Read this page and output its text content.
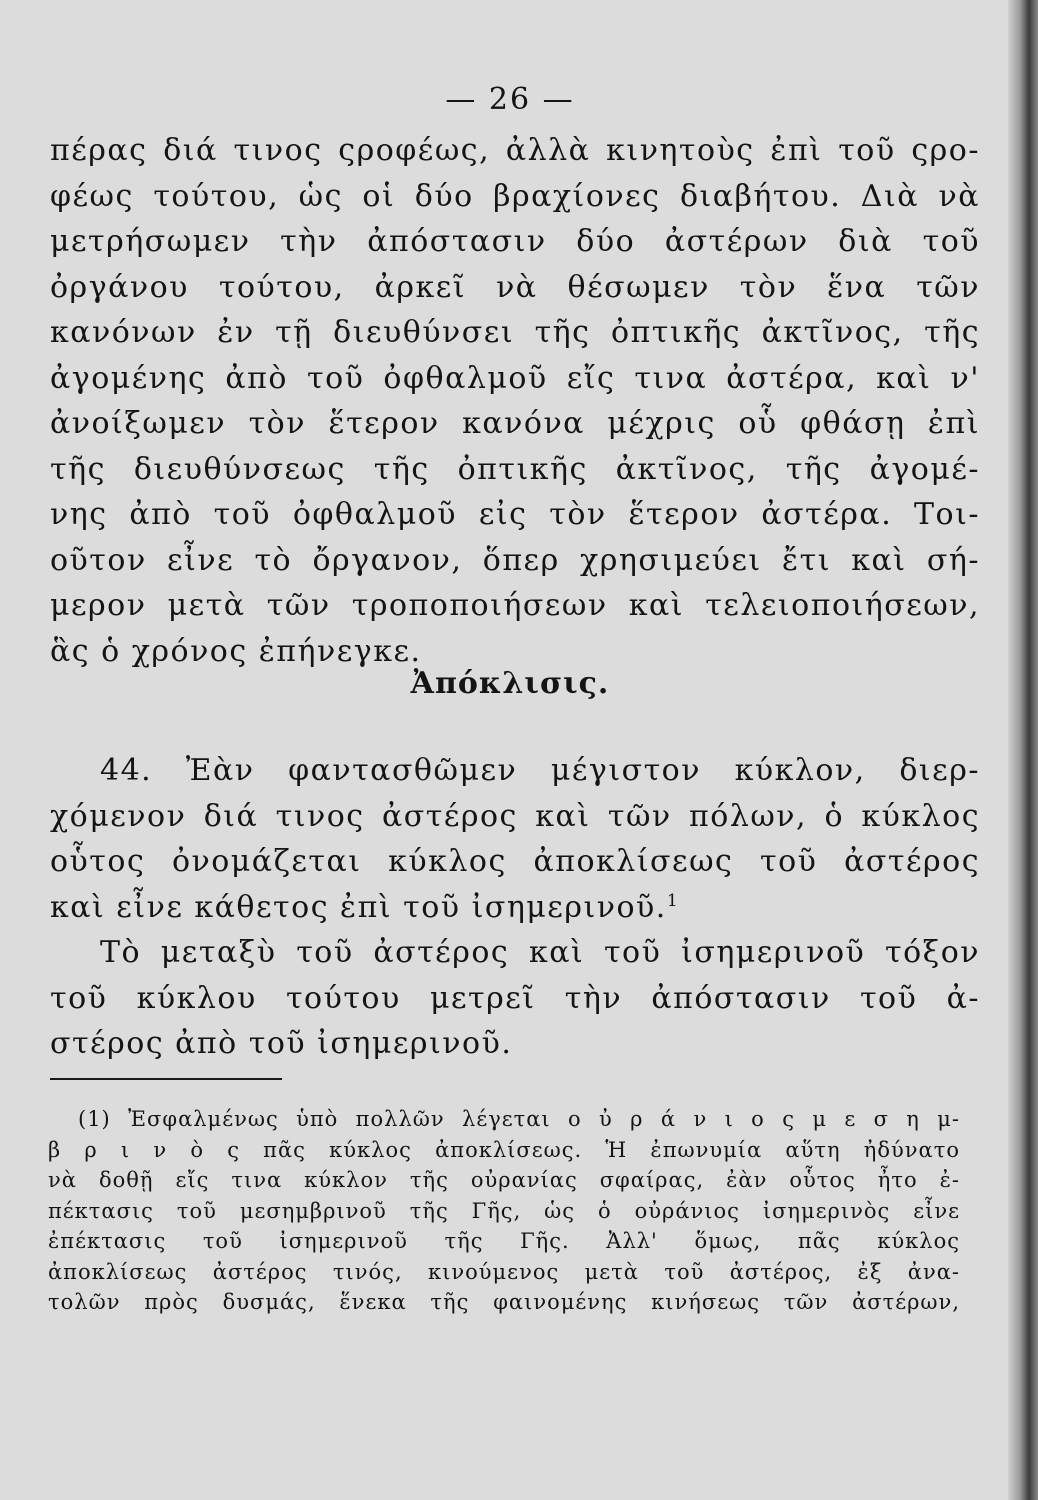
— 26 —
πέρας διά τινος ςροφέως, ἀλλὰ κινητοὺς ἐπὶ τοῦ ςρο-
φέως τούτου, ὡς οἱ δύο βραχίονες διαβήτου. Διὰ νὰ
μετρήσωμεν τὴν ἀπόστασιν δύο ἀστέρων διὰ τοῦ
ὀργάνου τούτου, ἀρκεῖ νὰ θέσωμεν τὸν ἕνα τῶν
κανόνων ἐν τῇ διευθύνσει τῆς ὀπτικῆς ἀκτῖνος, τῆς
ἀγομένης ἀπὸ τοῦ ὀφθαλμοῦ εἴς τινα ἀστέρα, καὶ ν'
ἀνοίξωμεν τὸν ἕτερον κανόνα μέχρις οὗ φθάσῃ ἐπὶ
τῆς διευθύνσεως τῆς ὀπτικῆς ἀκτῖνος, τῆς ἀγομέ-
νης ἀπὸ τοῦ ὀφθαλμοῦ εἰς τὸν ἕτερον ἀστέρα. Τοι-
οῦτον εἶνε τὸ ὄργανον, ὅπερ χρησιμεύει ἔτι καὶ σή-
μερον μετὰ τῶν τροποποιήσεων καὶ τελειοποιήσεων,
ἃς ὁ χρόνος ἐπήνεγκε.
Ἀπόκλισις.
44. Ἐὰν φαντασθῶμεν μέγιστον κύκλον, διερ-
χόμενον διά τινος ἀστέρος καὶ τῶν πόλων, ὁ κύκλος
οὗτος ὀνομάζεται κύκλος ἀποκλίσεως τοῦ ἀστέρος
καὶ εἶνε κάθετος ἐπὶ τοῦ ἰσημερινοῦ.$^1$
Τὸ μεταξὺ τοῦ ἀστέρος καὶ τοῦ ἰσημερινοῦ τόξον
τοῦ κύκλου τούτου μετρεῖ τὴν ἀπόστασιν τοῦ ἀ-
στέρος ἀπὸ τοῦ ἰσημερινοῦ.
(1) Ἐσφαλμένως ὑπὸ πολλῶν λέγεται ο ὐ ρ ά ν ι ο ς μ ε σ η μ-
β ρ ι ν ὸ ς πᾶς κύκλος ἀποκλίσεως. Ἡ ἐπωνυμία αὕτη ἠδύνατο
νὰ δοθῇ εἴς τινα κύκλον τῆς οὐρανίας σφαίρας, ἐὰν οὗτος ἦτο ἐ-
πέκτασις τοῦ μεσημβρινοῦ τῆς Γῆς, ὡς ὁ οὐράνιος ἰσημερινὸς εἶνε
ἐπέκτασις τοῦ ἰσημερινοῦ τῆς Γῆς. Ἀλλ' ὅμως, πᾶς κύκλος
ἀποκλίσεως ἀστέρος τινός, κινούμενος μετὰ τοῦ ἀστέρος, ἐξ ἀνα-
τολῶν πρὸς δυσμάς, ἕνεκα τῆς φαινομένης κινήσεως τῶν ἀστέρων,
